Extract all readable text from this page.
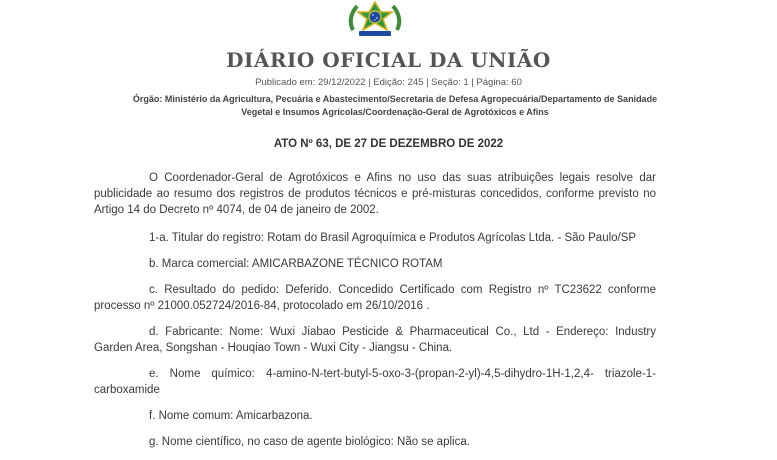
DIÁRIO OFICIAL DA UNIÃO
Publicado em: 29/12/2022 | Edição: 245 | Seção: 1 | Página: 60
Órgão: Ministério da Agricultura, Pecuária e Abastecimento/Secretaria de Defesa Agropecuária/Departamento de Sanidade
Vegetal e Insumos Agrícolas/Coordenação-Geral de Agrotóxicos e Afins
ATO Nº 63, DE 27 DE DEZEMBRO DE 2022

O Coordenador-Geral de Agrotóxicos e Afins no uso das suas atribuições legais resolve dar publicidade ao resumo dos registros de produtos técnicos e pré-misturas concedidos, conforme previsto no Artigo 14 do Decreto nº 4074, de 04 de janeiro de 2002.

1-a. Titular do registro: Rotam do Brasil Agroquímica e Produtos Agrícolas Ltda. - São Paulo/SP

b. Marca comercial: AMICARBAZONE TÉCNICO ROTAM

c. Resultado do pedido: Deferido. Concedido Certificado com Registro nº TC23622 conforme processo nº 21000.052724/2016-84, protocolado em 26/10/2016 .

d. Fabricante: Nome: Wuxi Jiabao Pesticide & Pharmaceutical Co., Ltd - Endereço: Industry Garden Area, Songshan - Houqiao Town - Wuxi City - Jiangsu - China.

e. Nome químico: 4-amino-N-tert-butyl-5-oxo-3-(propan-2-yl)-4,5-dihydro-1H-1,2,4- triazole-1-carboxamide

f. Nome comum: Amicarbazona.

g. Nome científico, no caso de agente biológico: Não se aplica.
